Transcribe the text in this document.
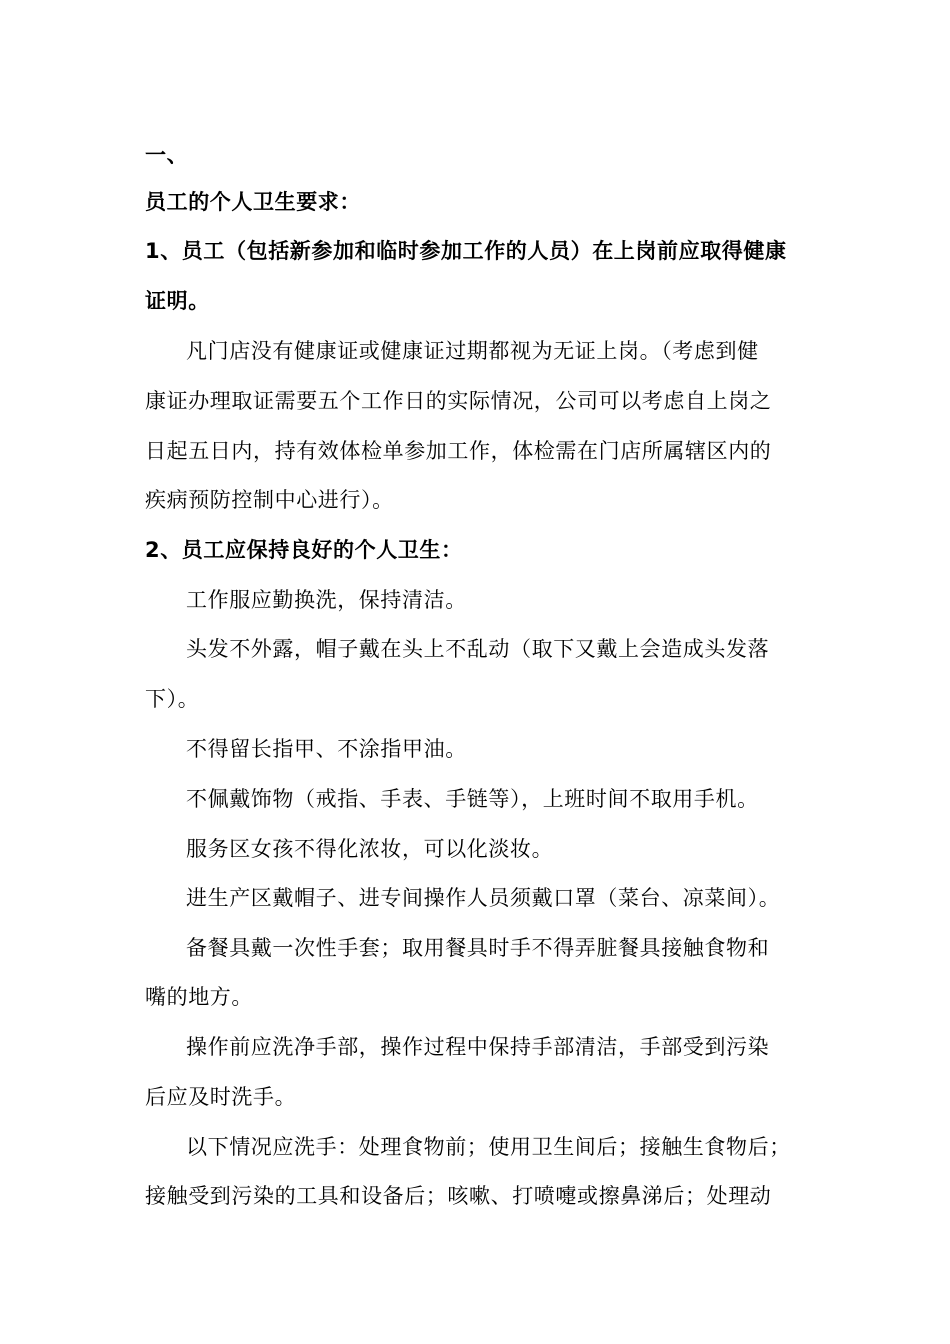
一、
员工的个人卫生要求：
1、员工（包括新参加和临时参加工作的人员）在上岗前应取得健康
证明。
凡门店没有健康证或健康证过期都视为无证上岗。（考虑到健
康证办理取证需要五个工作日的实际情况，公司可以考虑自上岗之
日起五日内，持有效体检单参加工作，体检需在门店所属辖区内的
疾病预防控制中心进行）。
2、员工应保持良好的个人卫生：
工作服应勤换洗，保持清洁。
头发不外露，帽子戴在头上不乱动（取下又戴上会造成头发落
下）。
不得留长指甲、不涂指甲油。
不佩戴饰物（戒指、手表、手链等），上班时间不取用手机。
服务区女孩不得化浓妆，可以化淡妆。
进生产区戴帽子、进专间操作人员须戴口罩（菜台、凉菜间）。
备餐具戴一次性手套；取用餐具时手不得弄脏餐具接触食物和
嘴的地方。
操作前应洗净手部，操作过程中保持手部清洁，手部受到污染
后应及时洗手。
以下情况应洗手：处理食物前；使用卫生间后；接触生食物后；
接触受到污染的工具和设备后；咳嗽、打喷嚏或擦鼻涕后；处理动
